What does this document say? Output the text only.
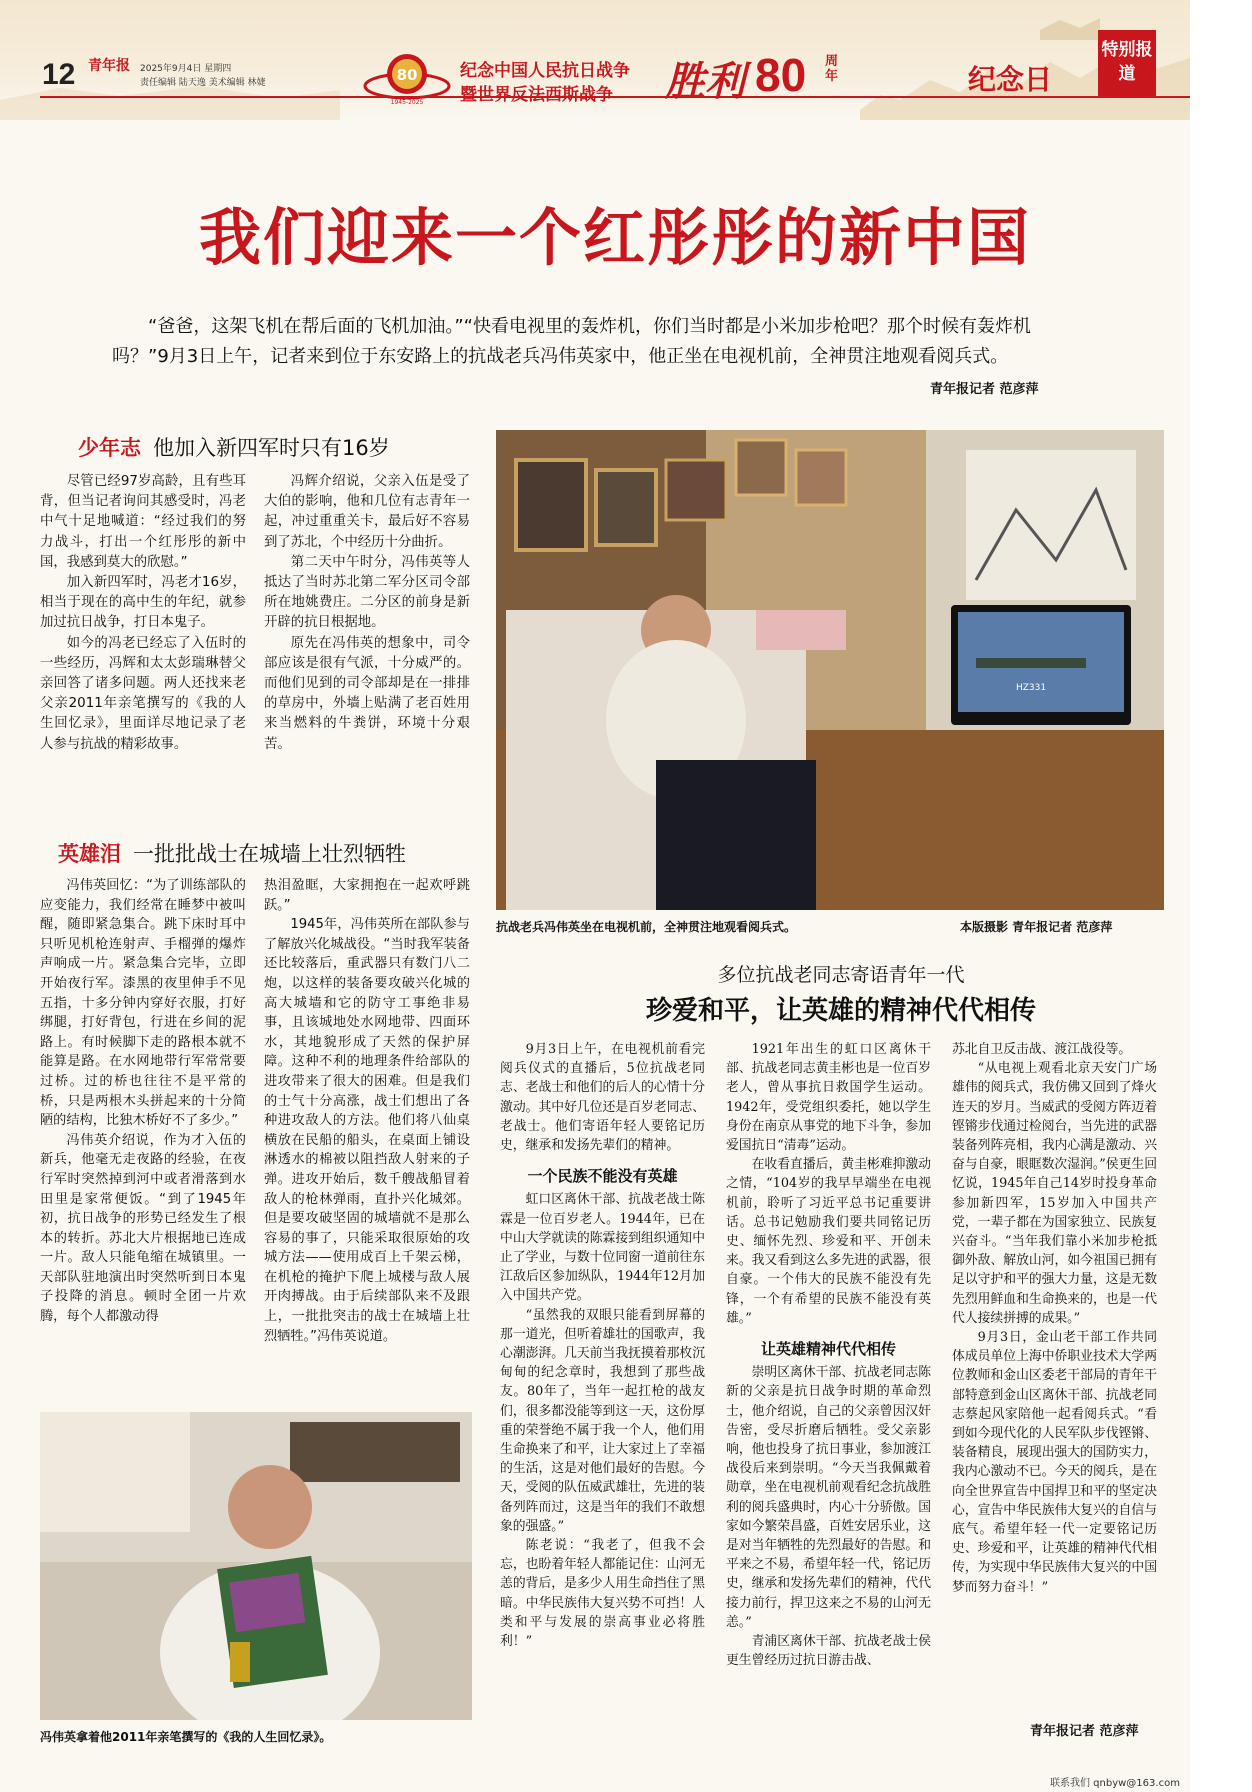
12 青年报 2025年9月4日 星期四
责任编辑 陆天逸 美术编辑 林婕	80
1945-2025
纪念中国人民抗日战争
暨世界反法西斯战争 胜利 80 周年	纪念日
特别报道
我们迎来一个红彤彤的新中国
“爸爸，这架飞机在帮后面的飞机加油。”“快看电视里的轰炸机，你们当时都是小米加步枪吧？那个时候有轰炸机吗？”9月3日上午，记者来到位于东安路上的抗战老兵冯伟英家中，他正坐在电视机前，全神贯注地观看阅兵式。
青年报记者 范彦萍
少年志 他加入新四军时只有16岁

尽管已经97岁高龄，且有些耳背，但当记者询问其感受时，冯老中气十足地喊道：“经过我们的努力战斗，打出一个红彤彤的新中国，我感到莫大的欣慰。”

加入新四军时，冯老才16岁，相当于现在的高中生的年纪，就参加过抗日战争，打日本鬼子。

如今的冯老已经忘了入伍时的一些经历，冯辉和太太彭瑞琳替父亲回答了诸多问题。两人还找来老父亲2011年亲笔撰写的《我的人生回忆录》，里面详尽地记录了老人参与抗战的精彩故事。

冯辉介绍说，父亲入伍是受了大伯的影响，他和几位有志青年一起，冲过重重关卡，最后好不容易到了苏北，个中经历十分曲折。

第二天中午时分，冯伟英等人抵达了当时苏北第二军分区司令部所在地姚费庄。二分区的前身是新开辟的抗日根据地。

原先在冯伟英的想象中，司令部应该是很有气派，十分威严的。而他们见到的司令部却是在一排排的草房中，外墙上贴满了老百姓用来当燃料的牛粪饼，环境十分艰苦。

英雄泪 一批批战士在城墙上壮烈牺牲

冯伟英回忆：“为了训练部队的应变能力，我们经常在睡梦中被叫醒，随即紧急集合。跳下床时耳中只听见机枪连射声、手榴弹的爆炸声响成一片。紧急集合完毕，立即开始夜行军。漆黑的夜里伸手不见五指，十多分钟内穿好衣服，打好绑腿，打好背包，行进在乡间的泥路上。有时候脚下走的路根本就不能算是路。在水网地带行军常常要过桥。过的桥也往往不是平常的桥，只是两根木头拼起来的十分简陋的结构，比独木桥好不了多少。”

冯伟英介绍说，作为才入伍的新兵，他毫无走夜路的经验，在夜行军时突然掉到河中或者滑落到水田里是家常便饭。“到了1945年初，抗日战争的形势已经发生了根本的转折。苏北大片根据地已连成一片。敌人只能龟缩在城镇里。一天部队驻地演出时突然听到日本鬼子投降的消息。顿时全团一片欢腾，每个人都激动得

热泪盈眶，大家拥抱在一起欢呼跳跃。”

1945年，冯伟英所在部队参与了解放兴化城战役。“当时我军装备还比较落后，重武器只有数门八二炮，以这样的装备要攻破兴化城的高大城墙和它的防守工事绝非易事，且该城地处水网地带、四面环水，其地貌形成了天然的保护屏障。这种不利的地理条件给部队的进攻带来了很大的困难。但是我们的士气十分高涨，战士们想出了各种进攻敌人的方法。他们将八仙桌横放在民船的船头，在桌面上铺设淋透水的棉被以阻挡敌人射来的子弹。进攻开始后，数千艘战船冒着敌人的枪林弹雨，直扑兴化城郊。但是要攻破坚固的城墙就不是那么容易的事了，只能采取很原始的攻城方法——使用成百上千架云梯，在机枪的掩护下爬上城楼与敌人展开肉搏战。由于后续部队来不及跟上，一批批突击的战士在城墙上壮烈牺牲。”冯伟英说道。

HZ331
抗战老兵冯伟英坐在电视机前，全神贯注地观看阅兵式。	本版摄影 青年报记者 范彦萍
冯伟英拿着他2011年亲笔撰写的《我的人生回忆录》。
多位抗战老同志寄语青年一代
珍爱和平，让英雄的精神代代相传

9月3日上午，在电视机前看完阅兵仪式的直播后，5位抗战老同志、老战士和他们的后人的心情十分激动。其中好几位还是百岁老同志、老战士。他们寄语年轻人要铭记历史，继承和发扬先辈们的精神。

一个民族不能没有英雄

虹口区离休干部、抗战老战士陈霖是一位百岁老人。1944年，已在中山大学就读的陈霖接到组织通知中止了学业，与数十位同窗一道前往东江敌后区参加纵队，1944年12月加入中国共产党。

“虽然我的双眼只能看到屏幕的那一道光，但听着雄壮的国歌声，我心潮澎湃。几天前当我抚摸着那枚沉甸甸的纪念章时，我想到了那些战友。80年了，当年一起扛枪的战友们，很多都没能等到这一天，这份厚重的荣誉绝不属于我一个人，他们用生命换来了和平，让大家过上了幸福的生活，这是对他们最好的告慰。今天，受阅的队伍威武雄壮，先进的装备列阵而过，这是当年的我们不敢想象的强盛。”

陈老说：“我老了，但我不会忘，也盼着年轻人都能记住：山河无恙的背后，是多少人用生命挡住了黑暗。中华民族伟大复兴势不可挡！人类和平与发展的崇高事业必将胜利！”

1921年出生的虹口区离休干部、抗战老同志黄圭彬也是一位百岁老人，曾从事抗日救国学生运动。1942年，受党组织委托，她以学生身份在南京从事党的地下斗争，参加爱国抗日“清毒”运动。

在收看直播后，黄圭彬难抑激动之情，“104岁的我早早端坐在电视机前，聆听了习近平总书记重要讲话。总书记勉励我们要共同铭记历史、缅怀先烈、珍爱和平、开创未来。我又看到这么多先进的武器，很自豪。一个伟大的民族不能没有先锋，一个有希望的民族不能没有英雄。”

让英雄精神代代相传

崇明区离休干部、抗战老同志陈新的父亲是抗日战争时期的革命烈士，他介绍说，自己的父亲曾因汉奸告密，受尽折磨后牺牲。受父亲影响，他也投身了抗日事业，参加渡江战役后来到崇明。“今天当我佩戴着勋章，坐在电视机前观看纪念抗战胜利的阅兵盛典时，内心十分骄傲。国家如今繁荣昌盛，百姓安居乐业，这是对当年牺牲的先烈最好的告慰。和平来之不易，希望年轻一代，铭记历史，继承和发扬先辈们的精神，代代接力前行，捍卫这来之不易的山河无恙。”

青浦区离休干部、抗战老战士侯更生曾经历过抗日游击战、

苏北自卫反击战、渡江战役等。

“从电视上观看北京天安门广场雄伟的阅兵式，我仿佛又回到了烽火连天的岁月。当威武的受阅方阵迈着铿锵步伐通过检阅台，当先进的武器装备列阵亮相，我内心满是激动、兴奋与自豪，眼眶数次湿润。”侯更生回忆说，1945年自己14岁时投身革命参加新四军，15岁加入中国共产党，一辈子都在为国家独立、民族复兴奋斗。“当年我们靠小米加步枪抵御外敌、解放山河，如今祖国已拥有足以守护和平的强大力量，这是无数先烈用鲜血和生命换来的，也是一代代人接续拼搏的成果。”

9月3日，金山老干部工作共同体成员单位上海中侨职业技术大学两位教师和金山区委老干部局的青年干部特意到金山区离休干部、抗战老同志蔡起风家陪他一起看阅兵式。“看到如今现代化的人民军队步伐铿锵、装备精良，展现出强大的国防实力，我内心激动不已。今天的阅兵，是在向全世界宣告中国捍卫和平的坚定决心，宣告中华民族伟大复兴的自信与底气。希望年轻一代一定要铭记历史、珍爱和平，让英雄的精神代代相传，为实现中华民族伟大复兴的中国梦而努力奋斗！”

青年报记者 范彦萍
联系我们 qnbyw@163.com
